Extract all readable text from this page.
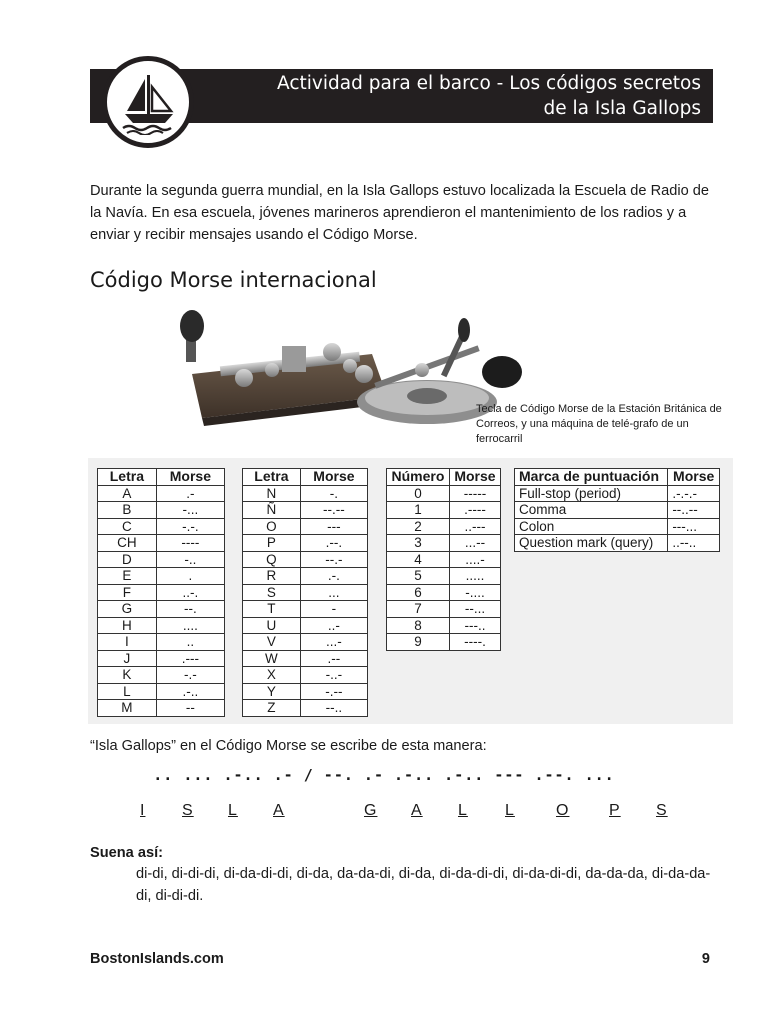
Actividad para el barco - Los códigos secretos
de la Isla Gallops

Durante la segunda guerra mundial, en la Isla Gallops estuvo localizada la Escuela de Radio de la Navía. En esa escuela, jóvenes marineros aprendieron el mantenimiento de los radios y a enviar y recibir mensajes usando el Código Morse.

Código Morse internacional

Tecla de Código Morse de la Estación Británica de Correos, y una máquina de telé-grafo de un ferrocarril

Letra	Morse
A	.-
B	-...
C	-.-.
CH	----
D	-..
E	.
F	..-.
G	--.
H	....
I	..
J	.---
K	-.-
L	.-..
M	--
Letra	Morse
N	-.
Ñ	--.--
O	---
P	.--.
Q	--.-
R	.-.
S	...
T	-
U	..-
V	...-
W	.--
X	-..-
Y	-.--
Z	--..
Número	Morse
0	-----
1	.----
2	..---
3	...--
4	....-
5	.....
6	-....
7	--...
8	---..
9	----.
Marca de puntuación	Morse
Full-stop (period)	.-.-.-
Comma	--..--
Colon	---...
Question mark (query)	..--..

“Isla Gallops” en el Código Morse se escribe de esta manera:

.. ... .-.. .- / --. .- .-.. .-.. --- .--. ...

I S L A	G A L L	O P S

Suena así:

di-di, di-di-di, di-da-di-di, di-da, da-da-di, di-da, di-da-di-di, di-da-di-di, da-da-da, di-da-da-di, di-di-di.

BostonIslands.com	9
